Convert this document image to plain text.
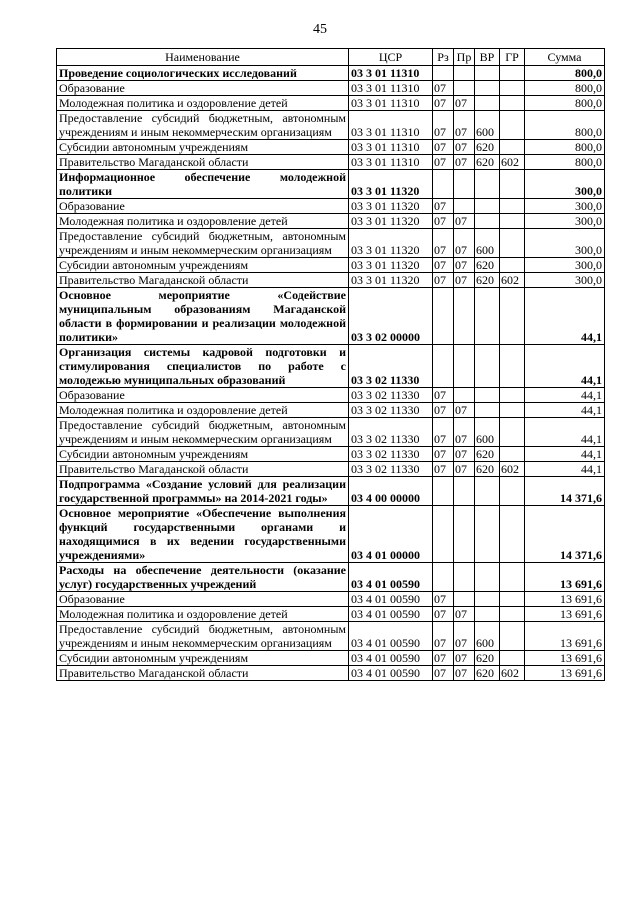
45
Наименование	ЦСР	Рз	Пр	ВР	ГР	Сумма
Проведение социологических исследований	03 3 01 11310					800,0
Образование	03 3 01 11310	07				800,0
Молодежная политика и оздоровление детей	03 3 01 11310	07	07			800,0
Предоставление субсидий бюджетным, автономным учреждениям и иным некоммерческим организациям	03 3 01 11310	07	07	600		800,0
Субсидии автономным учреждениям	03 3 01 11310	07	07	620		800,0
Правительство Магаданской области	03 3 01 11310	07	07	620	602	800,0
Информационное обеспечение молодежной политики	03 3 01 11320					300,0
Образование	03 3 01 11320	07				300,0
Молодежная политика и оздоровление детей	03 3 01 11320	07	07			300,0
Предоставление субсидий бюджетным, автономным учреждениям и иным некоммерческим организациям	03 3 01 11320	07	07	600		300,0
Субсидии автономным учреждениям	03 3 01 11320	07	07	620		300,0
Правительство Магаданской области	03 3 01 11320	07	07	620	602	300,0
Основное мероприятие «Содействие муниципальным образованиям Магаданской области в формировании и реализации молодежной политики»	03 3 02 00000					44,1
Организация системы кадровой подготовки и стимулирования специалистов по работе с молодежью муниципальных образований	03 3 02 11330					44,1
Образование	03 3 02 11330	07				44,1
Молодежная политика и оздоровление детей	03 3 02 11330	07	07			44,1
Предоставление субсидий бюджетным, автономным учреждениям и иным некоммерческим организациям	03 3 02 11330	07	07	600		44,1
Субсидии автономным учреждениям	03 3 02 11330	07	07	620		44,1
Правительство Магаданской области	03 3 02 11330	07	07	620	602	44,1
Подпрограмма «Создание условий для реализации государственной программы» на 2014-2021 годы»	03 4 00 00000					14 371,6
Основное мероприятие «Обеспечение выполнения функций государственными органами и находящимися в их ведении государственными учреждениями»	03 4 01 00000					14 371,6
Расходы на обеспечение деятельности (оказание услуг) государственных учреждений	03 4 01 00590					13 691,6
Образование	03 4 01 00590	07				13 691,6
Молодежная политика и оздоровление детей	03 4 01 00590	07	07			13 691,6
Предоставление субсидий бюджетным, автономным учреждениям и иным некоммерческим организациям	03 4 01 00590	07	07	600		13 691,6
Субсидии автономным учреждениям	03 4 01 00590	07	07	620		13 691,6
Правительство Магаданской области	03 4 01 00590	07	07	620	602	13 691,6
